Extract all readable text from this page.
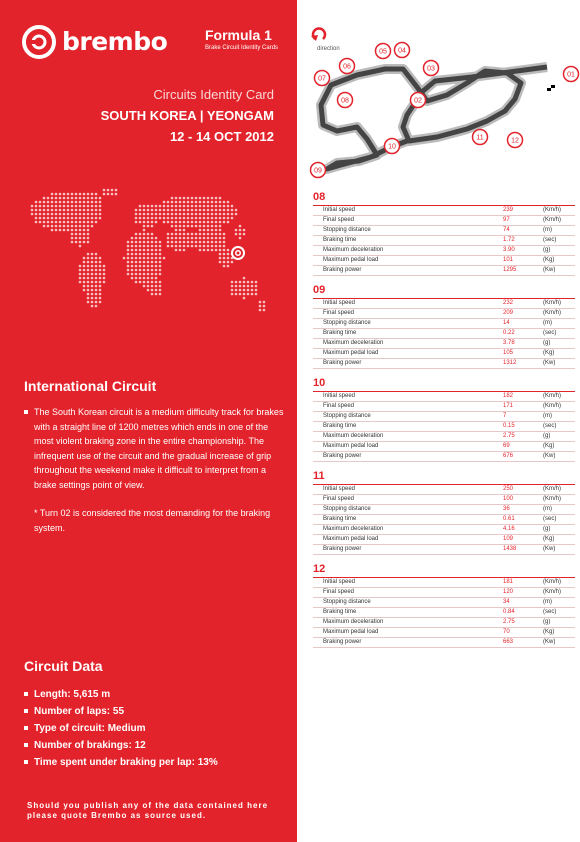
brembo	Formula 1
Brake Circuit Identity Cards
Circuits Identity Card
SOUTH KOREA | YEONGAM
12 - 14 OCT 2012
International Circuit
The South Korean circuit is a medium difficulty track for brakes with a straight line of 1200 metres which ends in one of the most violent braking zone in the entire championship. The infrequent use of the circuit and the gradual increase of grip throughout the weekend make it difficult to interpret from a brake settings point of view.
* Turn 02 is considered the most demanding for the braking system.
Circuit Data
Length: 5,615 m
Number of laps: 55
Type of circuit: Medium
Number of brakings: 12
Time spent under braking per lap: 13%
Should you publish any of the data contained here
please quote Brembo as source used.
direction
01
02
03
04
05
06
07
08
09
10
11	12
08
Initial speed	239	(Km/h)
Final speed	97	(Km/h)
Stopping distance	74	(m)
Braking time	1.72	(sec)
Maximum deceleration	3.90	(g)
Maximum pedal load	101	(Kg)
Braking power	1295	(Kw)
09
Initial speed	232	(Km/h)
Final speed	209	(Km/h)
Stopping distance	14	(m)
Braking time	0.22	(sec)
Maximum deceleration	3.78	(g)
Maximum pedal load	105	(Kg)
Braking power	1312	(Kw)
10
Initial speed	182	(Km/h)
Final speed	171	(Km/h)
Stopping distance	7	(m)
Braking time	0.15	(sec)
Maximum deceleration	2.75	(g)
Maximum pedal load	69	(Kg)
Braking power	676	(Kw)
11
Initial speed	250	(Km/h)
Final speed	100	(Km/h)
Stopping distance	36	(m)
Braking time	0.61	(sec)
Maximum deceleration	4.16	(g)
Maximum pedal load	109	(Kg)
Braking power	1438	(Kw)
12
Initial speed	181	(Km/h)
Final speed	120	(Km/h)
Stopping distance	34	(m)
Braking time	0.84	(sec)
Maximum deceleration	2.75	(g)
Maximum pedal load	70	(Kg)
Braking power	663	(Kw)
